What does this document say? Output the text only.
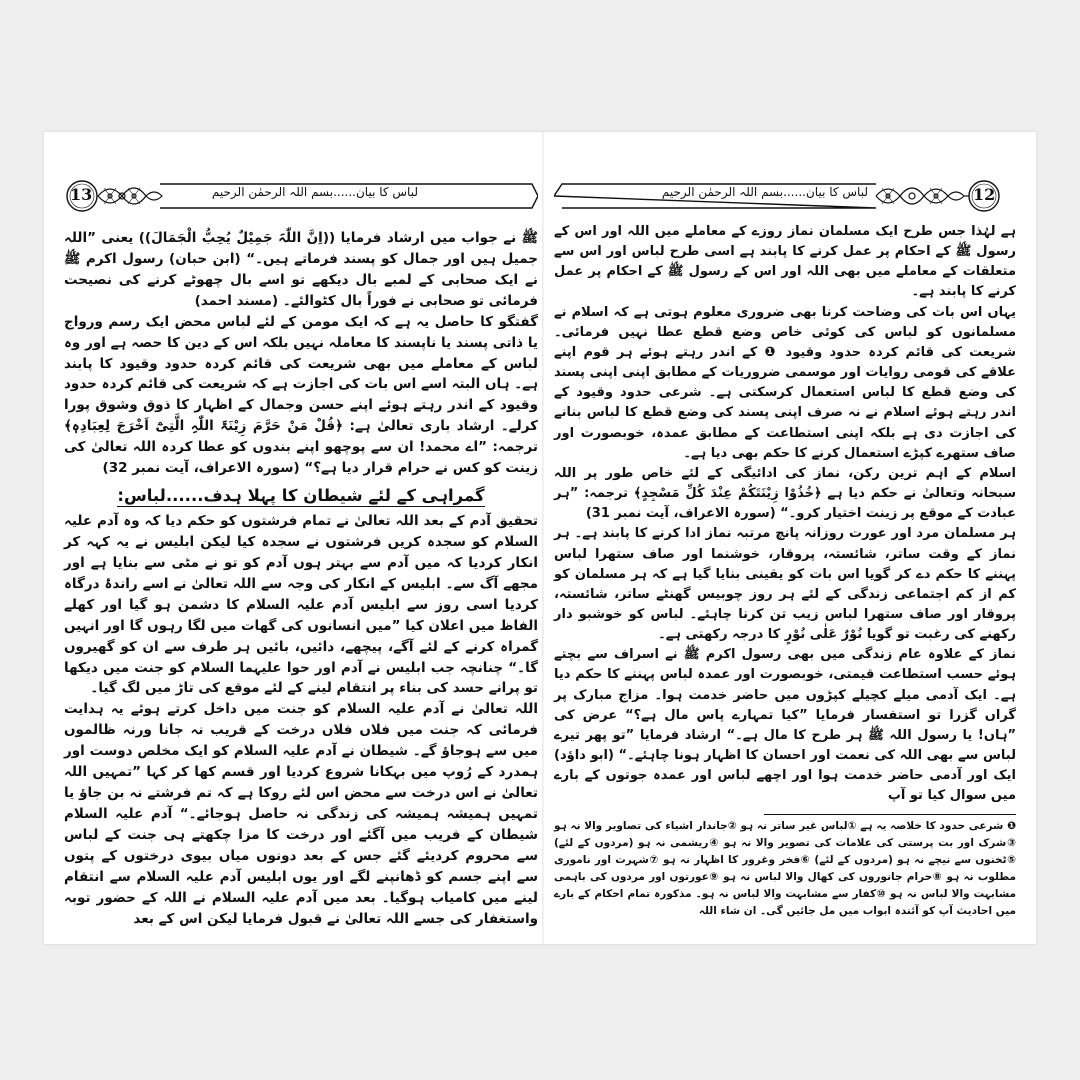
13	لباس کا بیان......بسم اللہ الرحمٰن الرحیم

ﷺ نے جواب میں ارشاد فرمایا ((اِنَّ اللّٰہَ جَمِیْلٌ یُحِبُّ الْجَمَالَ)) یعنی ”اللہ جمیل ہیں اور جمال کو پسند فرماتے ہیں۔“ (ابن حبان) رسول اکرم ﷺ نے ایک صحابی کے لمبے بال دیکھے تو اسے بال چھوٹے کرنے کی نصیحت فرمائی تو صحابی نے فوراً بال کٹوالئے۔ (مسند احمد)

گفتگو کا حاصل یہ ہے کہ ایک مومن کے لئے لباس محض ایک رسم ورواج یا ذاتی پسند یا ناپسند کا معاملہ نہیں بلکہ اس کے دین کا حصہ ہے اور وہ لباس کے معاملے میں بھی شریعت کی قائم کردہ حدود وقیود کا پابند ہے۔ ہاں البتہ اسے اس بات کی اجازت ہے کہ شریعت کی قائم کردہ حدود وقیود کے اندر رہتے ہوئے اپنے حسن وجمال کے اظہار کا ذوق وشوق پورا کرلے۔ ارشاد باری تعالیٰ ہے: ﴿قُلْ مَنْ حَرَّمَ زِیْنَۃَ اللّٰہِ الَّتِیْٓ اَخْرَجَ لِعِبَادِہٖ﴾ ترجمہ: ”اے محمد! ان سے پوچھو اپنے بندوں کو عطا کردہ اللہ تعالیٰ کی زینت کو کس نے حرام قرار دیا ہے؟“ (سورہ الاعراف، آیت نمبر 32)

گمراہی کے لئے شیطان کا پہلا ہدف......لباس:

تحقیق آدم کے بعد اللہ تعالیٰ نے تمام فرشتوں کو حکم دیا کہ وہ آدم علیہ السلام کو سجدہ کریں فرشتوں نے سجدہ کیا لیکن ابلیس نے یہ کہہ کر انکار کردیا کہ میں آدم سے بہتر ہوں آدم کو تو نے مٹی سے بنایا ہے اور مجھے آگ سے۔ ابلیس کے انکار کی وجہ سے اللہ تعالیٰ نے اسے راندۂ درگاہ کردیا اسی روز سے ابلیس آدم علیہ السلام کا دشمن ہو گیا اور کھلے الفاظ میں اعلان کیا ”میں انسانوں کی گھات میں لگا رہوں گا اور انہیں گمراہ کرنے کے لئے آگے، پیچھے، دائیں، بائیں ہر طرف سے ان کو گھیروں گا۔“ چنانچہ جب ابلیس نے آدم اور حوا علیہما السلام کو جنت میں دیکھا تو پرانے حسد کی بناء پر انتقام لینے کے لئے موقع کی تاڑ میں لگ گیا۔

اللہ تعالیٰ نے آدم علیہ السلام کو جنت میں داخل کرتے ہوئے یہ ہدایت فرمائی کہ جنت میں فلاں فلاں درخت کے قریب نہ جانا ورنہ ظالموں میں سے ہوجاؤ گے۔ شیطان نے آدم علیہ السلام کو ایک مخلص دوست اور ہمدرد کے رُوپ میں بہکانا شروع کردیا اور قسم کھا کر کہا ”تمہیں اللہ تعالیٰ نے اس درخت سے محض اس لئے روکا ہے کہ تم فرشتے نہ بن جاؤ یا تمہیں ہمیشہ ہمیشہ کی زندگی نہ حاصل ہوجائے۔“ آدم علیہ السلام شیطان کے فریب میں آگئے اور درخت کا مزا چکھتے ہی جنت کے لباس سے محروم کردیئے گئے جس کے بعد دونوں میاں بیوی درختوں کے پتوں سے اپنے جسم کو ڈھانپنے لگے اور یوں ابلیس آدم علیہ السلام سے انتقام لینے میں کامیاب ہوگیا۔ بعد میں آدم علیہ السلام نے اللہ کے حضور توبہ واستغفار کی جسے اللہ تعالیٰ نے قبول فرمایا لیکن اس کے بعد

12
لباس کا بیان......بسم اللہ الرحمٰن الرحیم

ہے لہٰذا جس طرح ایک مسلمان نماز روزے کے معاملے میں اللہ اور اس کے رسول ﷺ کے احکام پر عمل کرنے کا پابند ہے اسی طرح لباس اور اس سے متعلقات کے معاملے میں بھی اللہ اور اس کے رسول ﷺ کے احکام پر عمل کرنے کا پابند ہے۔

یہاں اس بات کی وضاحت کرنا بھی ضروری معلوم ہوتی ہے کہ اسلام نے مسلمانوں کو لباس کی کوئی خاص وضع قطع عطا نہیں فرمائی۔ شریعت کی قائم کردہ حدود وقیود ❶ کے اندر رہتے ہوئے ہر قوم اپنے علاقے کی قومی روایات اور موسمی ضروریات کے مطابق اپنی اپنی پسند کی وضع قطع کا لباس استعمال کرسکتی ہے۔ شرعی حدود وقیود کے اندر رہتے ہوئے اسلام نے نہ صرف اپنی پسند کی وضع قطع کا لباس بنانے کی اجازت دی ہے بلکہ اپنی استطاعت کے مطابق عمدہ، خوبصورت اور صاف ستھرے کپڑے استعمال کرنے کا حکم بھی دیا ہے۔

اسلام کے اہم ترین رکن، نماز کی ادائیگی کے لئے خاص طور پر اللہ سبحانہ وتعالیٰ نے حکم دیا ہے ﴿خُذُوْا زِیْنَتَکُمْ عِنْدَ کُلِّ مَسْجِدٍ﴾ ترجمہ: ”ہر عبادت کے موقع پر زینت اختیار کرو۔“ (سورہ الاعراف، آیت نمبر 31)

ہر مسلمان مرد اور عورت روزانہ پانچ مرتبہ نماز ادا کرنے کا پابند ہے۔ ہر نماز کے وقت ساتر، شائستہ، پروقار، خوشنما اور صاف ستھرا لباس پہننے کا حکم دے کر گویا اس بات کو یقینی بنایا گیا ہے کہ ہر مسلمان کو کم از کم اجتماعی زندگی کے لئے ہر روز چوبیس گھنٹے ساتر، شائستہ، پروقار اور صاف ستھرا لباس زیب تن کرنا چاہئے۔ لباس کو خوشبو دار رکھنے کی رغبت تو گویا نُوْرٌ عَلٰی نُوْرٍ کا درجہ رکھتی ہے۔

نماز کے علاوہ عام زندگی میں بھی رسول اکرم ﷺ نے اسراف سے بچتے ہوئے حسب استطاعت قیمتی، خوبصورت اور عمدہ لباس پہننے کا حکم دیا ہے۔ ایک آدمی میلے کچیلے کپڑوں میں حاضر خدمت ہوا۔ مزاج مبارک پر گراں گزرا تو استفسار فرمایا ”کیا تمہارے پاس مال ہے؟“ عرض کی ”ہاں! یا رسول اللہ ﷺ ہر طرح کا مال ہے۔“ ارشاد فرمایا ”تو پھر تیرے لباس سے بھی اللہ کی نعمت اور احسان کا اظہار ہونا چاہئے۔“ (ابو داؤد) ایک اور آدمی حاضر خدمت ہوا اور اچھے لباس اور عمدہ جوتوں کے بارے میں سوال کیا تو آپ

❶ شرعی حدود کا خلاصہ یہ ہے ①لباس غیر ساتر نہ ہو ②جاندار اشیاء کی تصاویر والا نہ ہو ③شرک اور بت پرستی کی علامات کی تصویر والا نہ ہو ④ریشمی نہ ہو (مردوں کے لئے) ⑤ٹخنوں سے نیچے نہ ہو (مردوں کے لئے) ⑥فخر وغرور کا اظہار نہ ہو ⑦شہرت اور ناموری مطلوب نہ ہو ⑧حرام جانوروں کی کھال والا لباس نہ ہو ⑨عورتوں اور مردوں کی باہمی مشابہت والا لباس نہ ہو ⑩کفار سے مشابہت والا لباس نہ ہو۔ مذکورہ تمام احکام کے بارے میں احادیث آپ کو آئندہ ابواب میں مل جائیں گی۔ ان شاء اللہ
